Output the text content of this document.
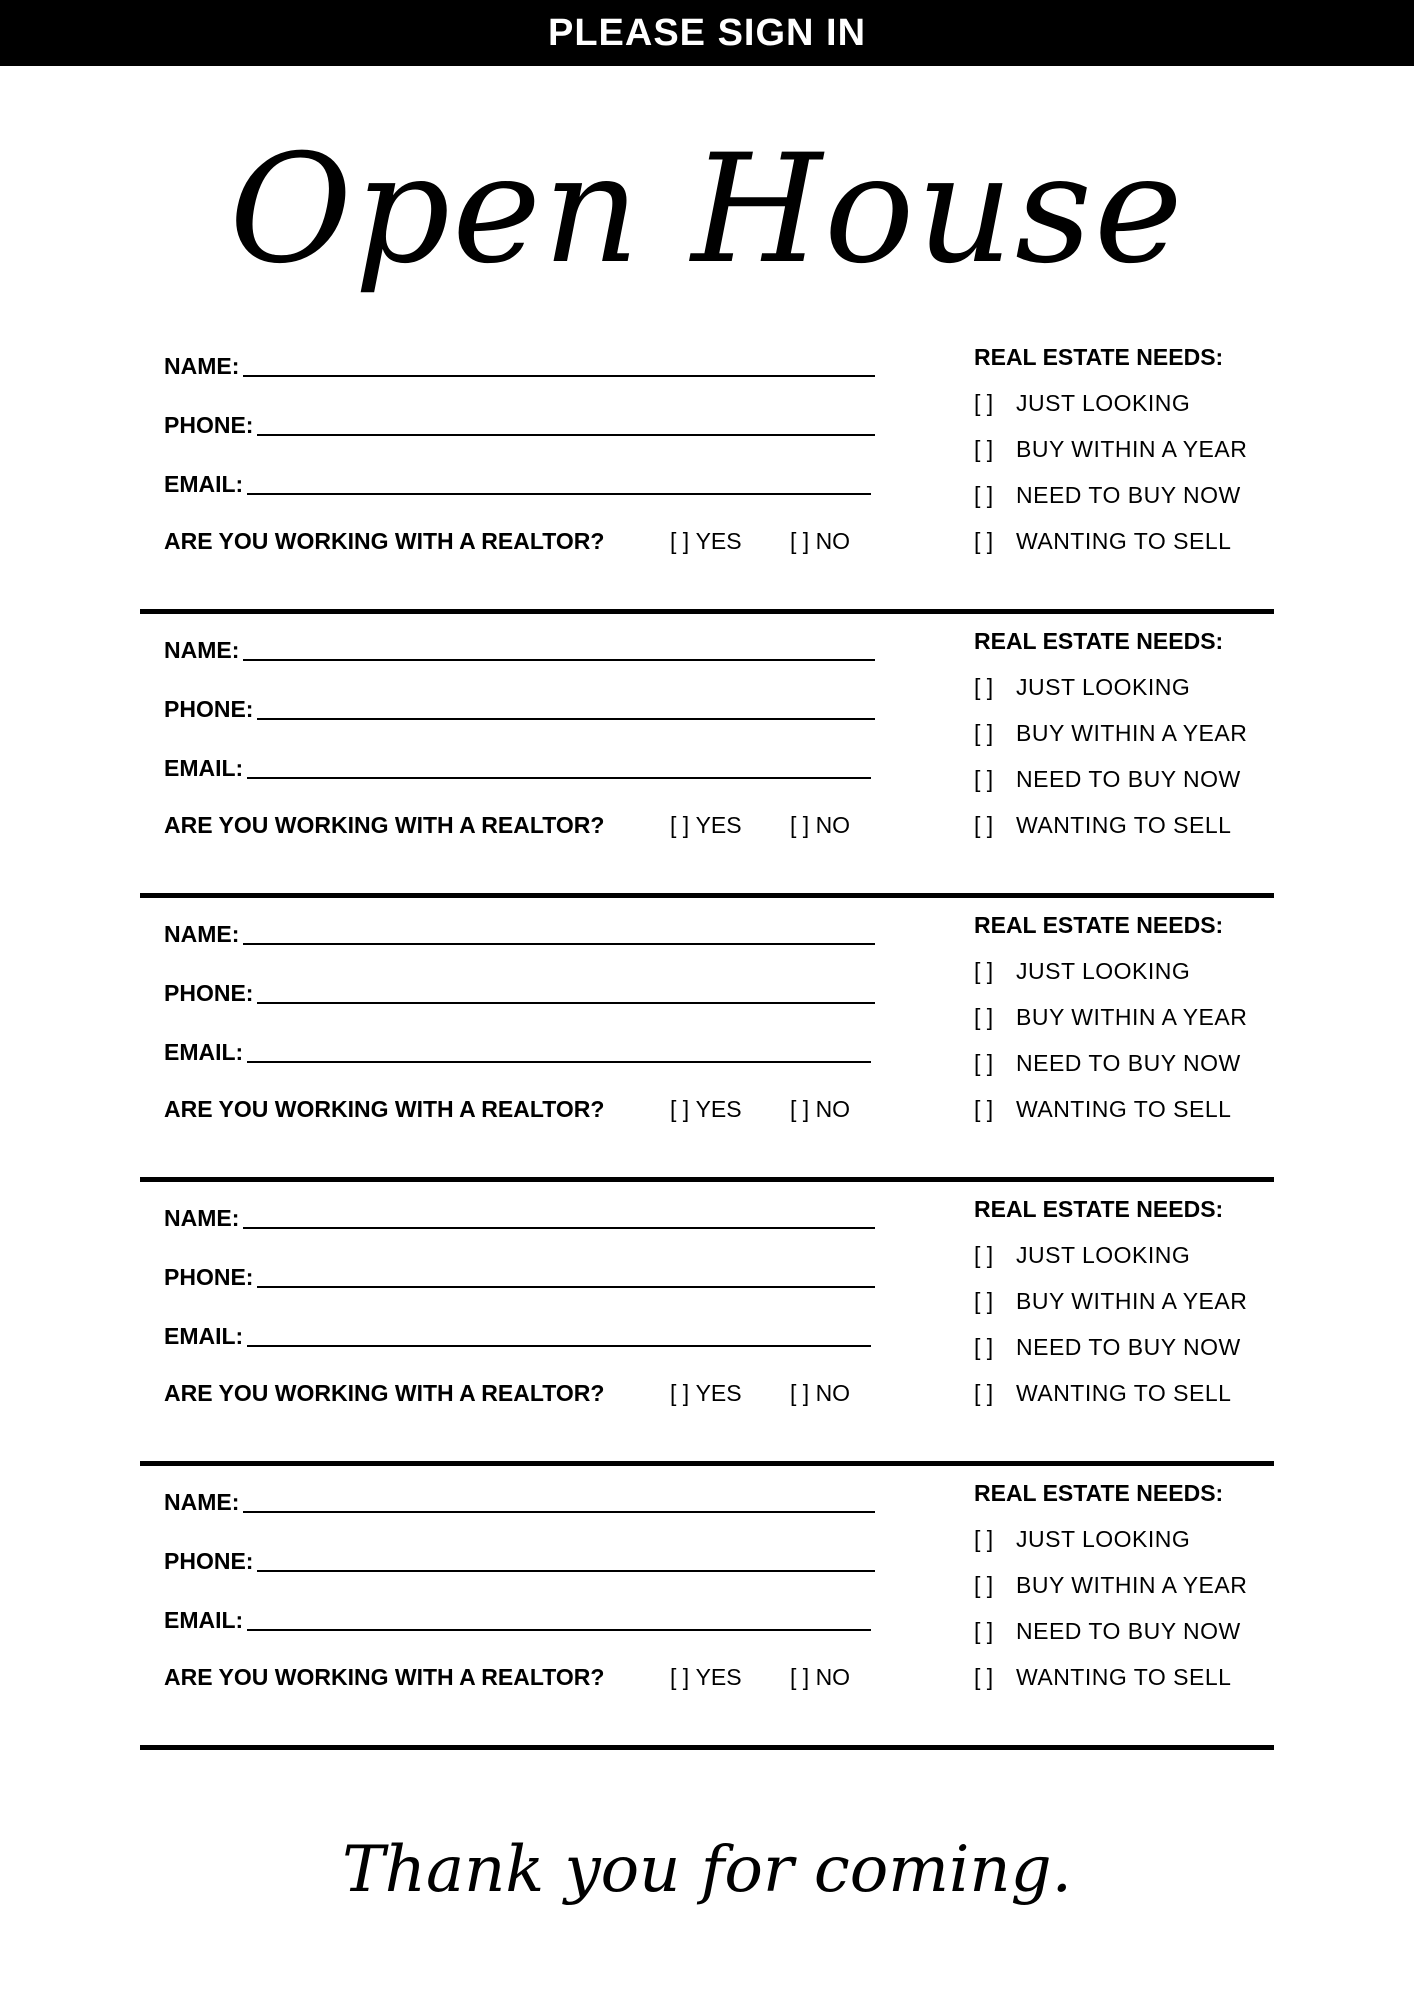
PLEASE SIGN IN
Open House
NAME:
PHONE:
EMAIL:
ARE YOU WORKING WITH A REALTOR?	[ ] YES [ ] NO
REAL ESTATE NEEDS:
[ ] JUST LOOKING
[ ] BUY WITHIN A YEAR
[ ] NEED TO BUY NOW
[ ] WANTING TO SELL
NAME:
PHONE:
EMAIL:
ARE YOU WORKING WITH A REALTOR?	[ ] YES [ ] NO
REAL ESTATE NEEDS:
[ ] JUST LOOKING
[ ] BUY WITHIN A YEAR
[ ] NEED TO BUY NOW
[ ] WANTING TO SELL
NAME:
PHONE:
EMAIL:
ARE YOU WORKING WITH A REALTOR?	[ ] YES [ ] NO
REAL ESTATE NEEDS:
[ ] JUST LOOKING
[ ] BUY WITHIN A YEAR
[ ] NEED TO BUY NOW
[ ] WANTING TO SELL
NAME:
PHONE:
EMAIL:
ARE YOU WORKING WITH A REALTOR?	[ ] YES [ ] NO
REAL ESTATE NEEDS:
[ ] JUST LOOKING
[ ] BUY WITHIN A YEAR
[ ] NEED TO BUY NOW
[ ] WANTING TO SELL
NAME:
PHONE:
EMAIL:
ARE YOU WORKING WITH A REALTOR?	[ ] YES [ ] NO
REAL ESTATE NEEDS:
[ ] JUST LOOKING
[ ] BUY WITHIN A YEAR
[ ] NEED TO BUY NOW
[ ] WANTING TO SELL
Thank you for coming.
